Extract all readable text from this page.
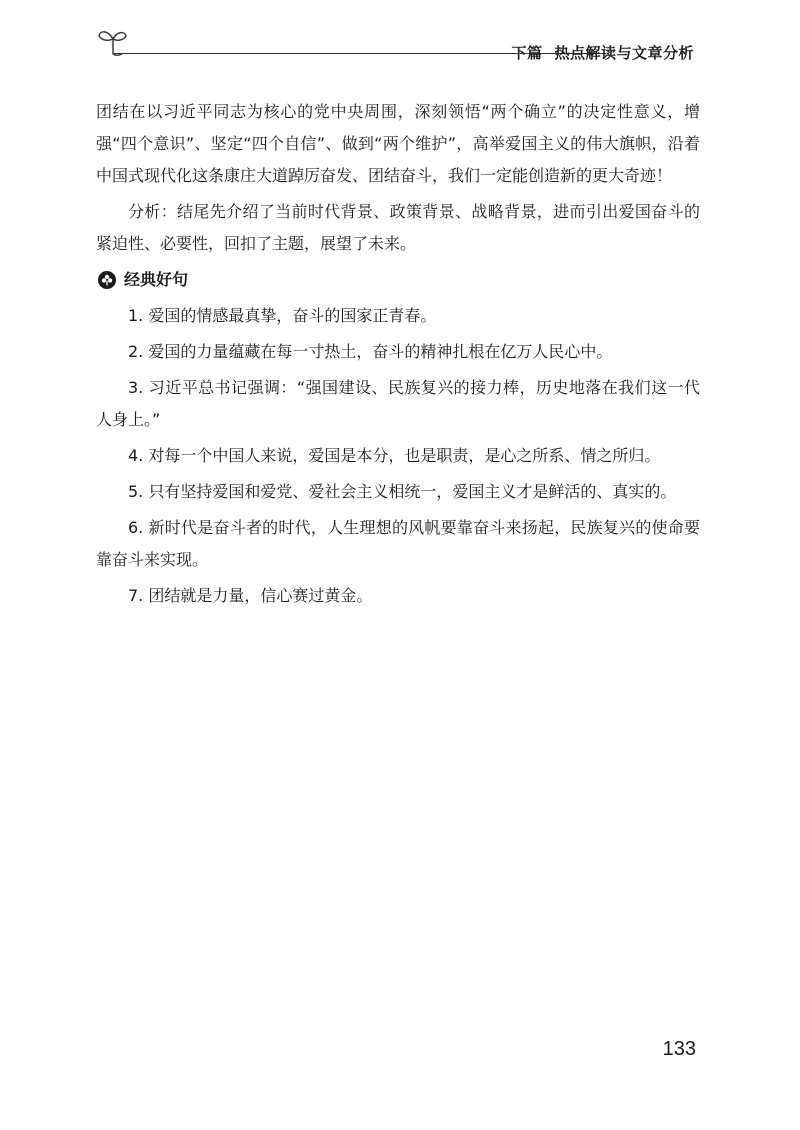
下篇 热点解读与文章分析

团结在以习近平同志为核心的党中央周围，深刻领悟“两个确立”的决定性意义，增强“四个意识”、坚定“四个自信”、做到“两个维护”，高举爱国主义的伟大旗帜，沿着中国式现代化这条康庄大道踔厉奋发、团结奋斗，我们一定能创造新的更大奇迹！

分析：结尾先介绍了当前时代背景、政策背景、战略背景，进而引出爱国奋斗的紧迫性、必要性，回扣了主题，展望了未来。

经典好句
1. 爱国的情感最真挚，奋斗的国家正青春。
2. 爱国的力量蕴藏在每一寸热土，奋斗的精神扎根在亿万人民心中。
3. 习近平总书记强调：“强国建设、民族复兴的接力棒，历史地落在我们这一代人身上。”
4. 对每一个中国人来说，爱国是本分，也是职责，是心之所系、情之所归。
5. 只有坚持爱国和爱党、爱社会主义相统一，爱国主义才是鲜活的、真实的。
6. 新时代是奋斗者的时代，人生理想的风帆要靠奋斗来扬起，民族复兴的使命要靠奋斗来实现。
7. 团结就是力量，信心赛过黄金。
133
